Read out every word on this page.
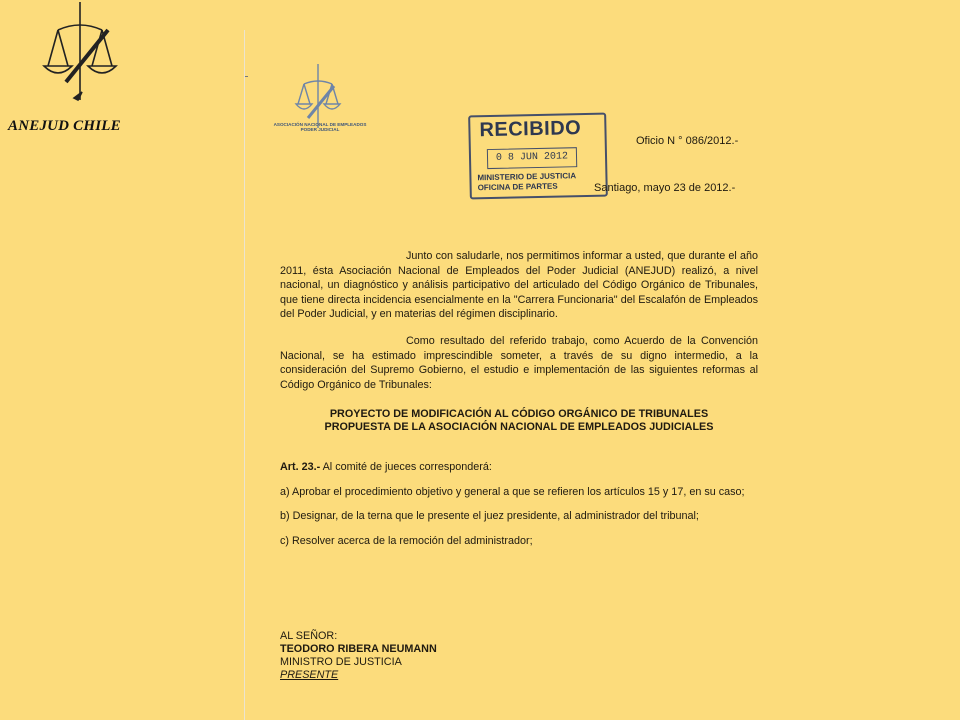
ANEJUD CHILE	ASOCIACIÓN NACIONAL DE EMPLEADOS
PODER JUDICIAL	RECIBIDO
0 8 JUN 2012
MINISTERIO DE JUSTICIA
OFICINA DE PARTES
Oficio N ° 086/2012.-
Santiago, mayo 23 de 2012.-

Junto con saludarle, nos permitimos informar a usted, que durante el año 2011, ésta Asociación Nacional de Empleados del Poder Judicial (ANEJUD) realizó, a nivel nacional, un diagnóstico y análisis participativo del articulado del Código Orgánico de Tribunales, que tiene directa incidencia esencialmente en la "Carrera Funcionaria" del Escalafón de Empleados del Poder Judicial, y en materias del régimen disciplinario.

Como resultado del referido trabajo, como Acuerdo de la Convención Nacional, se ha estimado imprescindible someter, a través de su digno intermedio, a la consideración del Supremo Gobierno, el estudio e implementación de las siguientes reformas al Código Orgánico de Tribunales:

PROYECTO DE MODIFICACIÓN AL CÓDIGO ORGÁNICO DE TRIBUNALES
PROPUESTA DE LA ASOCIACIÓN NACIONAL DE EMPLEADOS JUDICIALES

Art. 23.- Al comité de jueces corresponderá:

a) Aprobar el procedimiento objetivo y general a que se refieren los artículos 15 y 17, en su caso;

b) Designar, de la terna que le presente el juez presidente, al administrador del tribunal;

c) Resolver acerca de la remoción del administrador;

AL SEÑOR:
TEODORO RIBERA NEUMANN
MINISTRO DE JUSTICIA
PRESENTE
